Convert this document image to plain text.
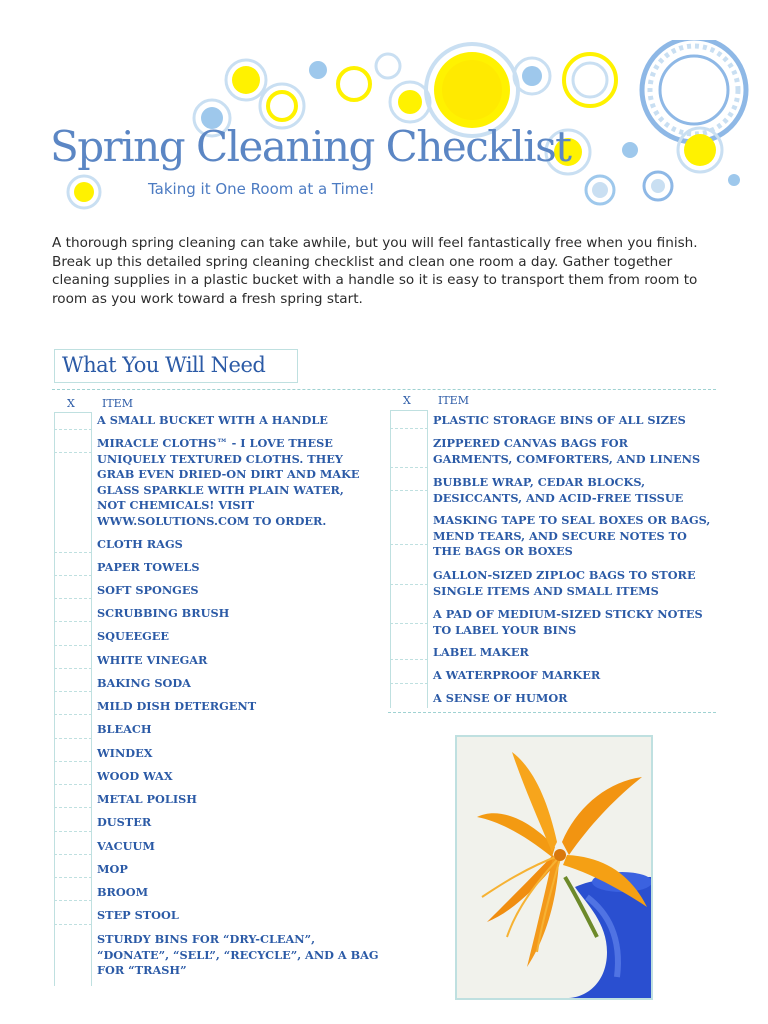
Spring Cleaning Checklist
Taking it One Room at a Time!

A thorough spring cleaning can take awhile, but you will feel fantastically free when you finish. Break up this detailed spring cleaning checklist and clean one room a day. Gather together cleaning supplies in a plastic bucket with a handle so it is easy to transport them from room to room as you work toward a fresh spring start.

What You Will Need
X ITEM	X ITEM
A SMALL BUCKET WITH A HANDLE
MIRACLE CLOTHS™ - I LOVE THESE
UNIQUELY TEXTURED CLOTHS. THEY
GRAB EVEN DRIED-ON DIRT AND MAKE
GLASS SPARKLE WITH PLAIN WATER,
NOT CHEMICALS! VISIT
WWW.SOLUTIONS.COM TO ORDER.
CLOTH RAGS
PAPER TOWELS
SOFT SPONGES
SCRUBBING BRUSH
SQUEEGEE
WHITE VINEGAR
BAKING SODA
MILD DISH DETERGENT
BLEACH
WINDEX
WOOD WAX
METAL POLISH
DUSTER
VACUUM
MOP
BROOM
STEP STOOL
STURDY BINS FOR “DRY-CLEAN”,
“DONATE”, “SELL”, “RECYCLE”, AND A BAG
FOR “TRASH”
PLASTIC STORAGE BINS OF ALL SIZES
ZIPPERED CANVAS BAGS FOR
GARMENTS, COMFORTERS, AND LINENS
BUBBLE WRAP, CEDAR BLOCKS,
DESICCANTS, AND ACID-FREE TISSUE
MASKING TAPE TO SEAL BOXES OR BAGS,
MEND TEARS, AND SECURE NOTES TO
THE BAGS OR BOXES
GALLON-SIZED ZIPLOC BAGS TO STORE
SINGLE ITEMS AND SMALL ITEMS
A PAD OF MEDIUM-SIZED STICKY NOTES
TO LABEL YOUR BINS
LABEL MAKER
A WATERPROOF MARKER
A SENSE OF HUMOR
